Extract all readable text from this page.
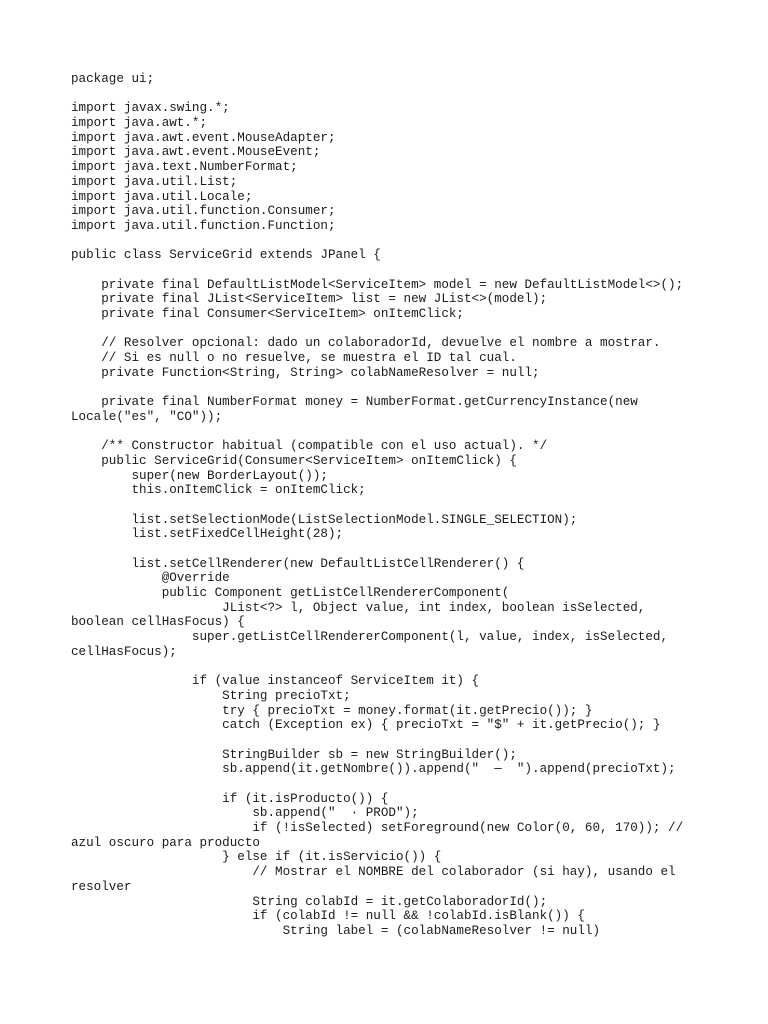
package ui;
import javax.swing.*;
import java.awt.*;
import java.awt.event.MouseAdapter;
import java.awt.event.MouseEvent;
import java.text.NumberFormat;
import java.util.List;
import java.util.Locale;
import java.util.function.Consumer;
import java.util.function.Function;
public class ServiceGrid extends JPanel {
private final DefaultListModel<ServiceItem> model = new DefaultListModel<>();
private final JList<ServiceItem> list = new JList<>(model);
private final Consumer<ServiceItem> onItemClick;
// Resolver opcional: dado un colaboradorId, devuelve el nombre a mostrar.
// Si es null o no resuelve, se muestra el ID tal cual.
private Function<String, String> colabNameResolver = null;
private final NumberFormat money = NumberFormat.getCurrencyInstance(new
Locale("es", "CO"));
/** Constructor habitual (compatible con el uso actual). */
public ServiceGrid(Consumer<ServiceItem> onItemClick) {
super(new BorderLayout());
this.onItemClick = onItemClick;
list.setSelectionMode(ListSelectionModel.SINGLE_SELECTION);
list.setFixedCellHeight(28);
list.setCellRenderer(new DefaultListCellRenderer() {
@Override
public Component getListCellRendererComponent(
JList<?> l, Object value, int index, boolean isSelected,
boolean cellHasFocus) {
super.getListCellRendererComponent(l, value, index, isSelected,
cellHasFocus);
if (value instanceof ServiceItem it) {
String precioTxt;
try { precioTxt = money.format(it.getPrecio()); }
catch (Exception ex) { precioTxt = "$" + it.getPrecio(); }
StringBuilder sb = new StringBuilder();
sb.append(it.getNombre()).append("  —  ").append(precioTxt);
if (it.isProducto()) {
sb.append("  · PROD");
if (!isSelected) setForeground(new Color(0, 60, 170)); //
azul oscuro para producto
} else if (it.isServicio()) {
// Mostrar el NOMBRE del colaborador (si hay), usando el
resolver
String colabId = it.getColaboradorId();
if (colabId != null && !colabId.isBlank()) {
String label = (colabNameResolver != null)
